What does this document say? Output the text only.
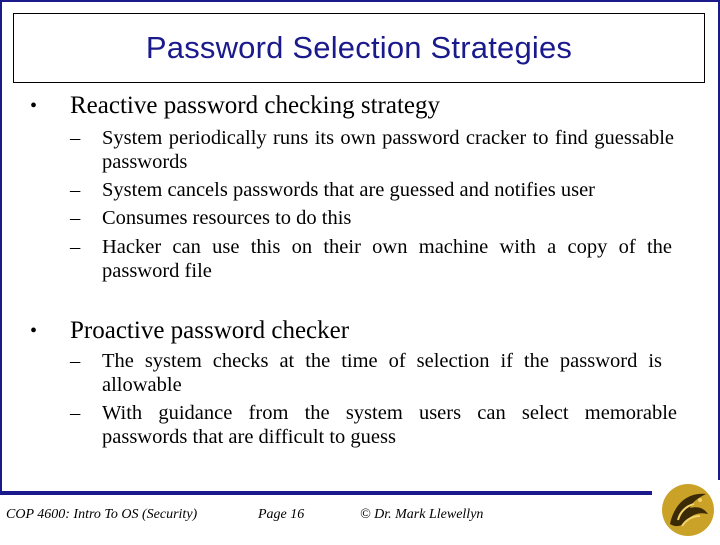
Password Selection Strategies
• Reactive password checking strategy
– System periodically runs its own password cracker to find guessable passwords
– System cancels passwords that are guessed and notifies user
– Consumes resources to do this
– Hacker can use this on their own machine with a copy of the password file
• Proactive password checker
– The system checks at the time of selection if the password is allowable
– With guidance from the system users can select memorable passwords that are difficult to guess
COP 4600: Intro To OS (Security)	Page 16	© Dr. Mark Llewellyn
